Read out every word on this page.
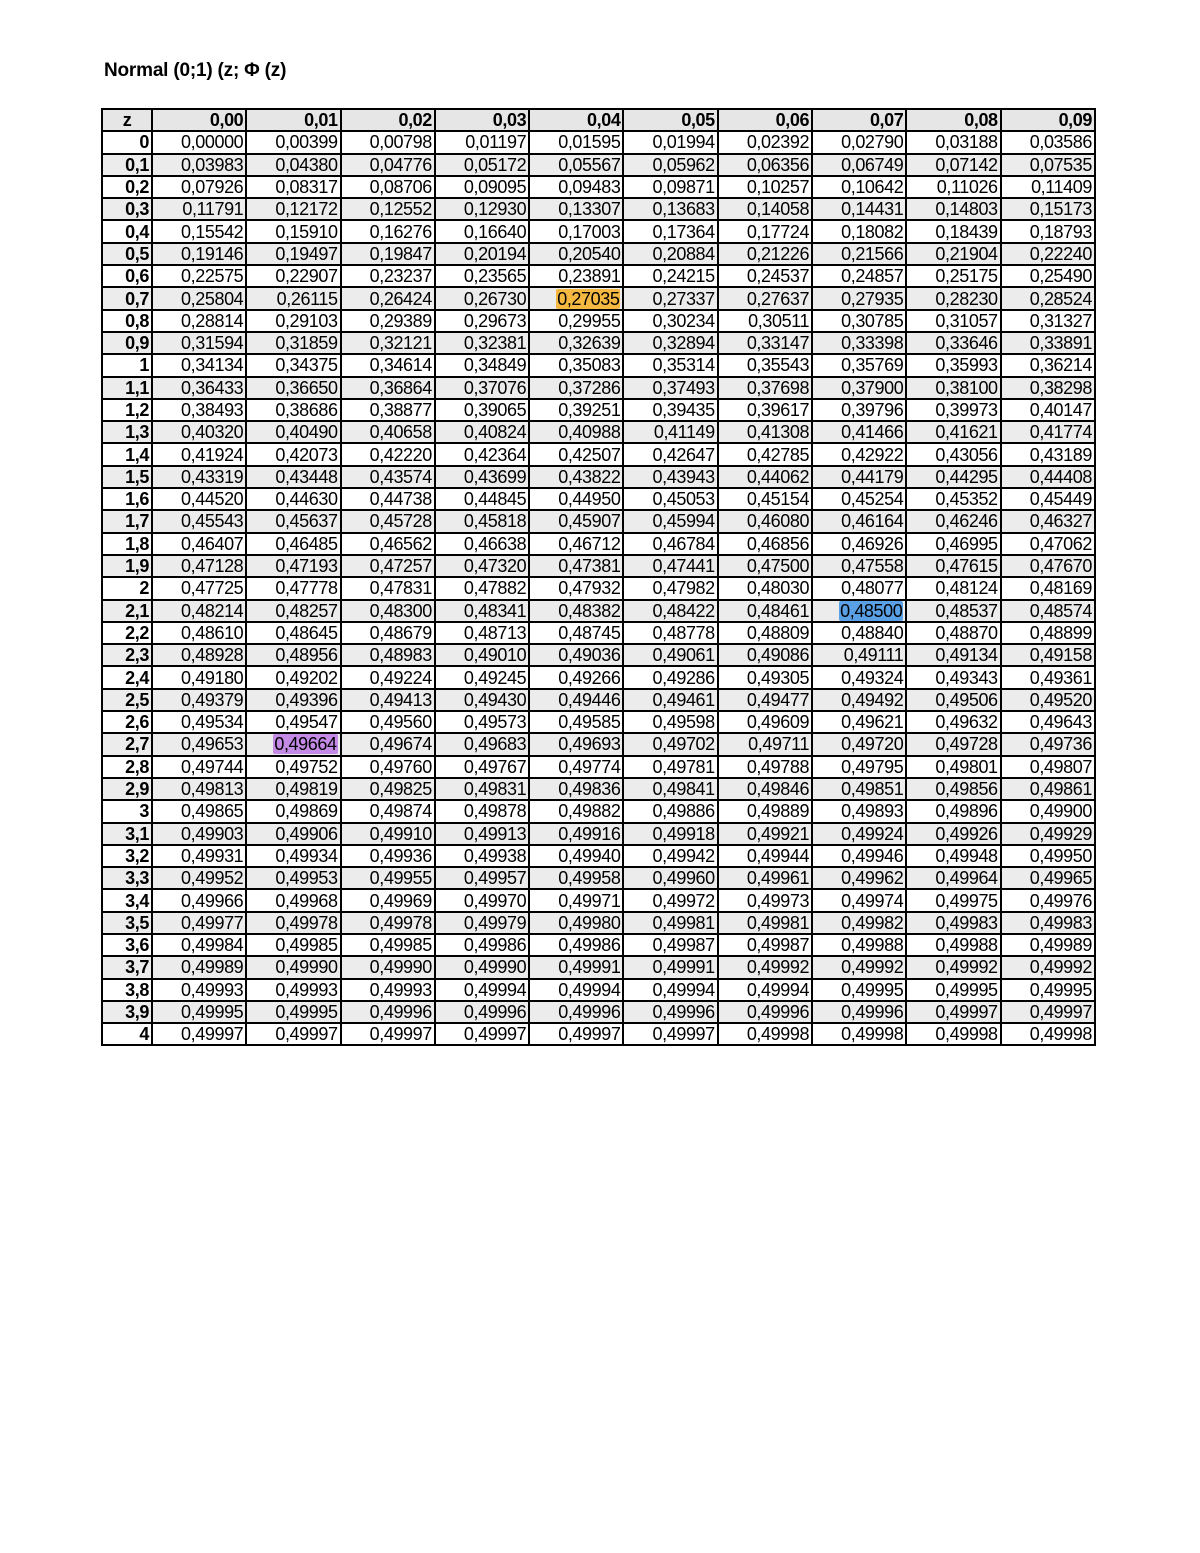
Normal (0;1) (z; Φ (z)
z	0,00	0,01	0,02	0,03	0,04	0,05	0,06	0,07	0,08	0,09
0	0,00000	0,00399	0,00798	0,01197	0,01595	0,01994	0,02392	0,02790	0,03188	0,03586
0,1	0,03983	0,04380	0,04776	0,05172	0,05567	0,05962	0,06356	0,06749	0,07142	0,07535
0,2	0,07926	0,08317	0,08706	0,09095	0,09483	0,09871	0,10257	0,10642	0,11026	0,11409
0,3	0,11791	0,12172	0,12552	0,12930	0,13307	0,13683	0,14058	0,14431	0,14803	0,15173
0,4	0,15542	0,15910	0,16276	0,16640	0,17003	0,17364	0,17724	0,18082	0,18439	0,18793
0,5	0,19146	0,19497	0,19847	0,20194	0,20540	0,20884	0,21226	0,21566	0,21904	0,22240
0,6	0,22575	0,22907	0,23237	0,23565	0,23891	0,24215	0,24537	0,24857	0,25175	0,25490
0,7	0,25804	0,26115	0,26424	0,26730	0,27035	0,27337	0,27637	0,27935	0,28230	0,28524
0,8	0,28814	0,29103	0,29389	0,29673	0,29955	0,30234	0,30511	0,30785	0,31057	0,31327
0,9	0,31594	0,31859	0,32121	0,32381	0,32639	0,32894	0,33147	0,33398	0,33646	0,33891
1	0,34134	0,34375	0,34614	0,34849	0,35083	0,35314	0,35543	0,35769	0,35993	0,36214
1,1	0,36433	0,36650	0,36864	0,37076	0,37286	0,37493	0,37698	0,37900	0,38100	0,38298
1,2	0,38493	0,38686	0,38877	0,39065	0,39251	0,39435	0,39617	0,39796	0,39973	0,40147
1,3	0,40320	0,40490	0,40658	0,40824	0,40988	0,41149	0,41308	0,41466	0,41621	0,41774
1,4	0,41924	0,42073	0,42220	0,42364	0,42507	0,42647	0,42785	0,42922	0,43056	0,43189
1,5	0,43319	0,43448	0,43574	0,43699	0,43822	0,43943	0,44062	0,44179	0,44295	0,44408
1,6	0,44520	0,44630	0,44738	0,44845	0,44950	0,45053	0,45154	0,45254	0,45352	0,45449
1,7	0,45543	0,45637	0,45728	0,45818	0,45907	0,45994	0,46080	0,46164	0,46246	0,46327
1,8	0,46407	0,46485	0,46562	0,46638	0,46712	0,46784	0,46856	0,46926	0,46995	0,47062
1,9	0,47128	0,47193	0,47257	0,47320	0,47381	0,47441	0,47500	0,47558	0,47615	0,47670
2	0,47725	0,47778	0,47831	0,47882	0,47932	0,47982	0,48030	0,48077	0,48124	0,48169
2,1	0,48214	0,48257	0,48300	0,48341	0,48382	0,48422	0,48461	0,48500	0,48537	0,48574
2,2	0,48610	0,48645	0,48679	0,48713	0,48745	0,48778	0,48809	0,48840	0,48870	0,48899
2,3	0,48928	0,48956	0,48983	0,49010	0,49036	0,49061	0,49086	0,49111	0,49134	0,49158
2,4	0,49180	0,49202	0,49224	0,49245	0,49266	0,49286	0,49305	0,49324	0,49343	0,49361
2,5	0,49379	0,49396	0,49413	0,49430	0,49446	0,49461	0,49477	0,49492	0,49506	0,49520
2,6	0,49534	0,49547	0,49560	0,49573	0,49585	0,49598	0,49609	0,49621	0,49632	0,49643
2,7	0,49653	0,49664	0,49674	0,49683	0,49693	0,49702	0,49711	0,49720	0,49728	0,49736
2,8	0,49744	0,49752	0,49760	0,49767	0,49774	0,49781	0,49788	0,49795	0,49801	0,49807
2,9	0,49813	0,49819	0,49825	0,49831	0,49836	0,49841	0,49846	0,49851	0,49856	0,49861
3	0,49865	0,49869	0,49874	0,49878	0,49882	0,49886	0,49889	0,49893	0,49896	0,49900
3,1	0,49903	0,49906	0,49910	0,49913	0,49916	0,49918	0,49921	0,49924	0,49926	0,49929
3,2	0,49931	0,49934	0,49936	0,49938	0,49940	0,49942	0,49944	0,49946	0,49948	0,49950
3,3	0,49952	0,49953	0,49955	0,49957	0,49958	0,49960	0,49961	0,49962	0,49964	0,49965
3,4	0,49966	0,49968	0,49969	0,49970	0,49971	0,49972	0,49973	0,49974	0,49975	0,49976
3,5	0,49977	0,49978	0,49978	0,49979	0,49980	0,49981	0,49981	0,49982	0,49983	0,49983
3,6	0,49984	0,49985	0,49985	0,49986	0,49986	0,49987	0,49987	0,49988	0,49988	0,49989
3,7	0,49989	0,49990	0,49990	0,49990	0,49991	0,49991	0,49992	0,49992	0,49992	0,49992
3,8	0,49993	0,49993	0,49993	0,49994	0,49994	0,49994	0,49994	0,49995	0,49995	0,49995
3,9	0,49995	0,49995	0,49996	0,49996	0,49996	0,49996	0,49996	0,49996	0,49997	0,49997
4	0,49997	0,49997	0,49997	0,49997	0,49997	0,49997	0,49998	0,49998	0,49998	0,49998
